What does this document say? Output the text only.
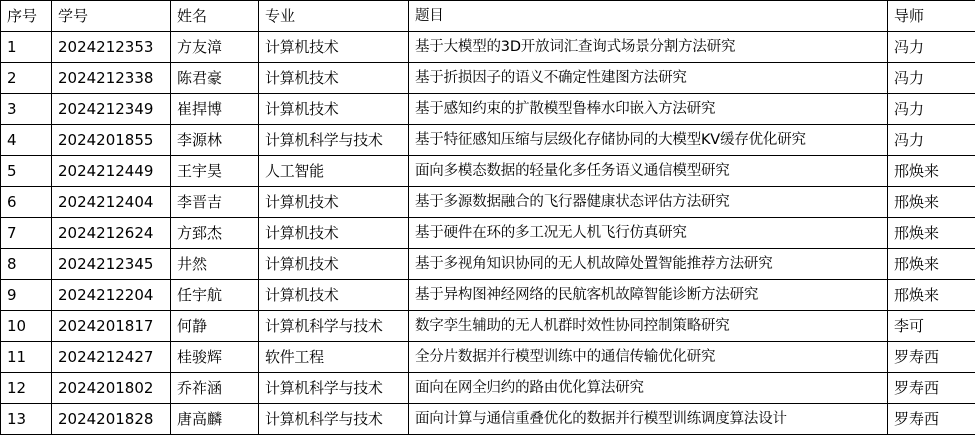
序号	学号	姓名	专业	题目	导师
1	2024212353	方友漳	计算机技术	基于大模型的3D开放词汇查询式场景分割方法研究	冯力
2	2024212338	陈君豪	计算机技术	基于折损因子的语义不确定性建图方法研究	冯力
3	2024212349	崔捍博	计算机技术	基于感知约束的扩散模型鲁棒水印嵌入方法研究	冯力
4	2024201855	李源林	计算机科学与技术	基于特征感知压缩与层级化存储协同的大模型KV缓存优化研究	冯力
5	2024212449	王宇昊	人工智能	面向多模态数据的轻量化多任务语义通信模型研究	邢焕来
6	2024212404	李晋吉	计算机技术	基于多源数据融合的飞行器健康状态评估方法研究	邢焕来
7	2024212624	方郅杰	计算机技术	基于硬件在环的多工况无人机飞行仿真研究	邢焕来
8	2024212345	井然	计算机技术	基于多视角知识协同的无人机故障处置智能推荐方法研究	邢焕来
9	2024212204	任宇航	计算机技术	基于异构图神经网络的民航客机故障智能诊断方法研究	邢焕来
10	2024201817	何静	计算机科学与技术	数字孪生辅助的无人机群时效性协同控制策略研究	李可
11	2024212427	桂骏辉	软件工程	全分片数据并行模型训练中的通信传输优化研究	罗寿西
12	2024201802	乔祚涵	计算机科学与技术	面向在网全归约的路由优化算法研究	罗寿西
13	2024201828	唐高麟	计算机科学与技术	面向计算与通信重叠优化的数据并行模型训练调度算法设计	罗寿西
